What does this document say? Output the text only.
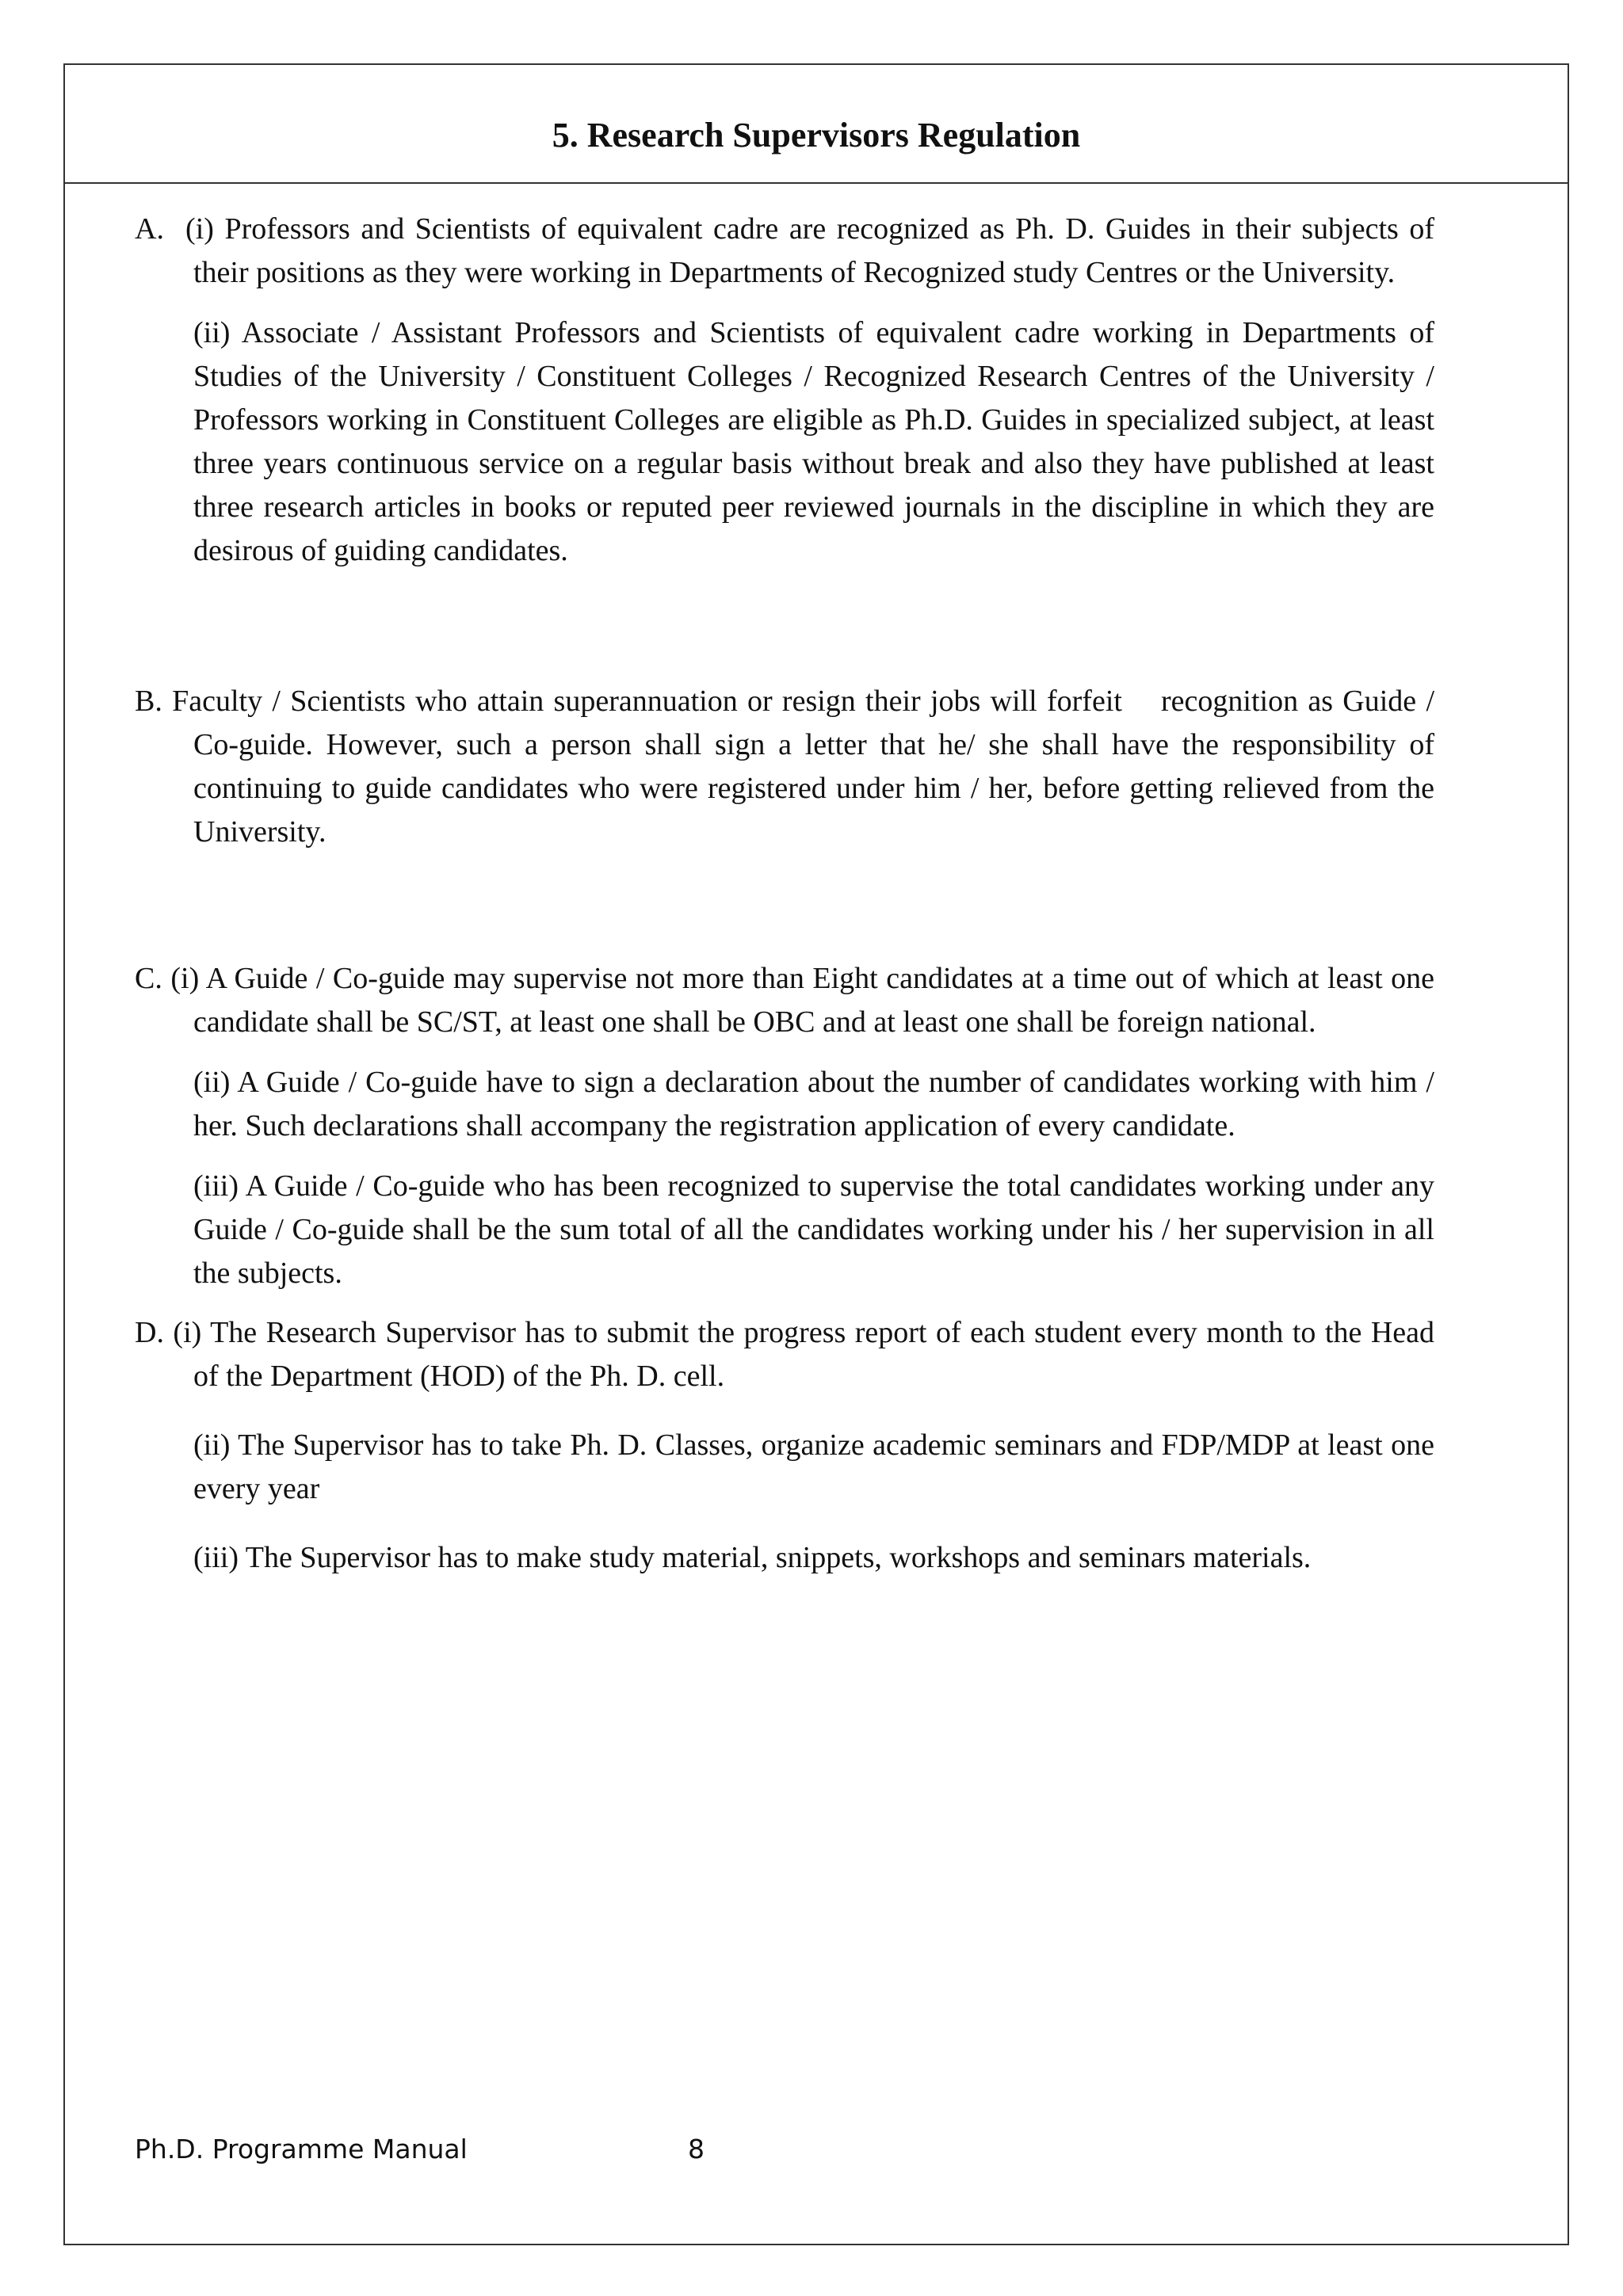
5. Research Supervisors Regulation

A.  (i) Professors and Scientists of equivalent cadre are recognized as Ph. D. Guides in their subjects of their positions as they were working in Departments of Recognized study Centres or the University.

(ii) Associate / Assistant Professors and Scientists of equivalent cadre working in Departments of Studies of the University / Constituent Colleges / Recognized Research Centres of the University / Professors working in Constituent Colleges are eligible as Ph.D. Guides in specialized subject, at least three years continuous service on a regular basis without break and also they have published at least three research articles in books or reputed peer reviewed journals in the discipline in which they are desirous of guiding candidates.

B. Faculty / Scientists who attain superannuation or resign their jobs will forfeit    recognition as Guide / Co-guide. However, such a person shall sign a letter that he/ she shall have the responsibility of continuing to guide candidates who were registered under him / her, before getting relieved from the University.

C. (i) A Guide / Co-guide may supervise not more than Eight candidates at a time out of which at least one candidate shall be SC/ST, at least one shall be OBC and at least one shall be foreign national.

(ii) A Guide / Co-guide have to sign a declaration about the number of candidates working with him / her. Such declarations shall accompany the registration application of every candidate.

(iii) A Guide / Co-guide who has been recognized to supervise the total candidates working under any Guide / Co-guide shall be the sum total of all the candidates working under his / her supervision in all the subjects.

D. (i) The Research Supervisor has to submit the progress report of each student every month to the Head of the Department (HOD) of the Ph. D. cell.

(ii) The Supervisor has to take Ph. D. Classes, organize academic seminars and FDP/MDP at least one every year

(iii) The Supervisor has to make study material, snippets, workshops and seminars materials.

Ph.D. Programme Manual	8
